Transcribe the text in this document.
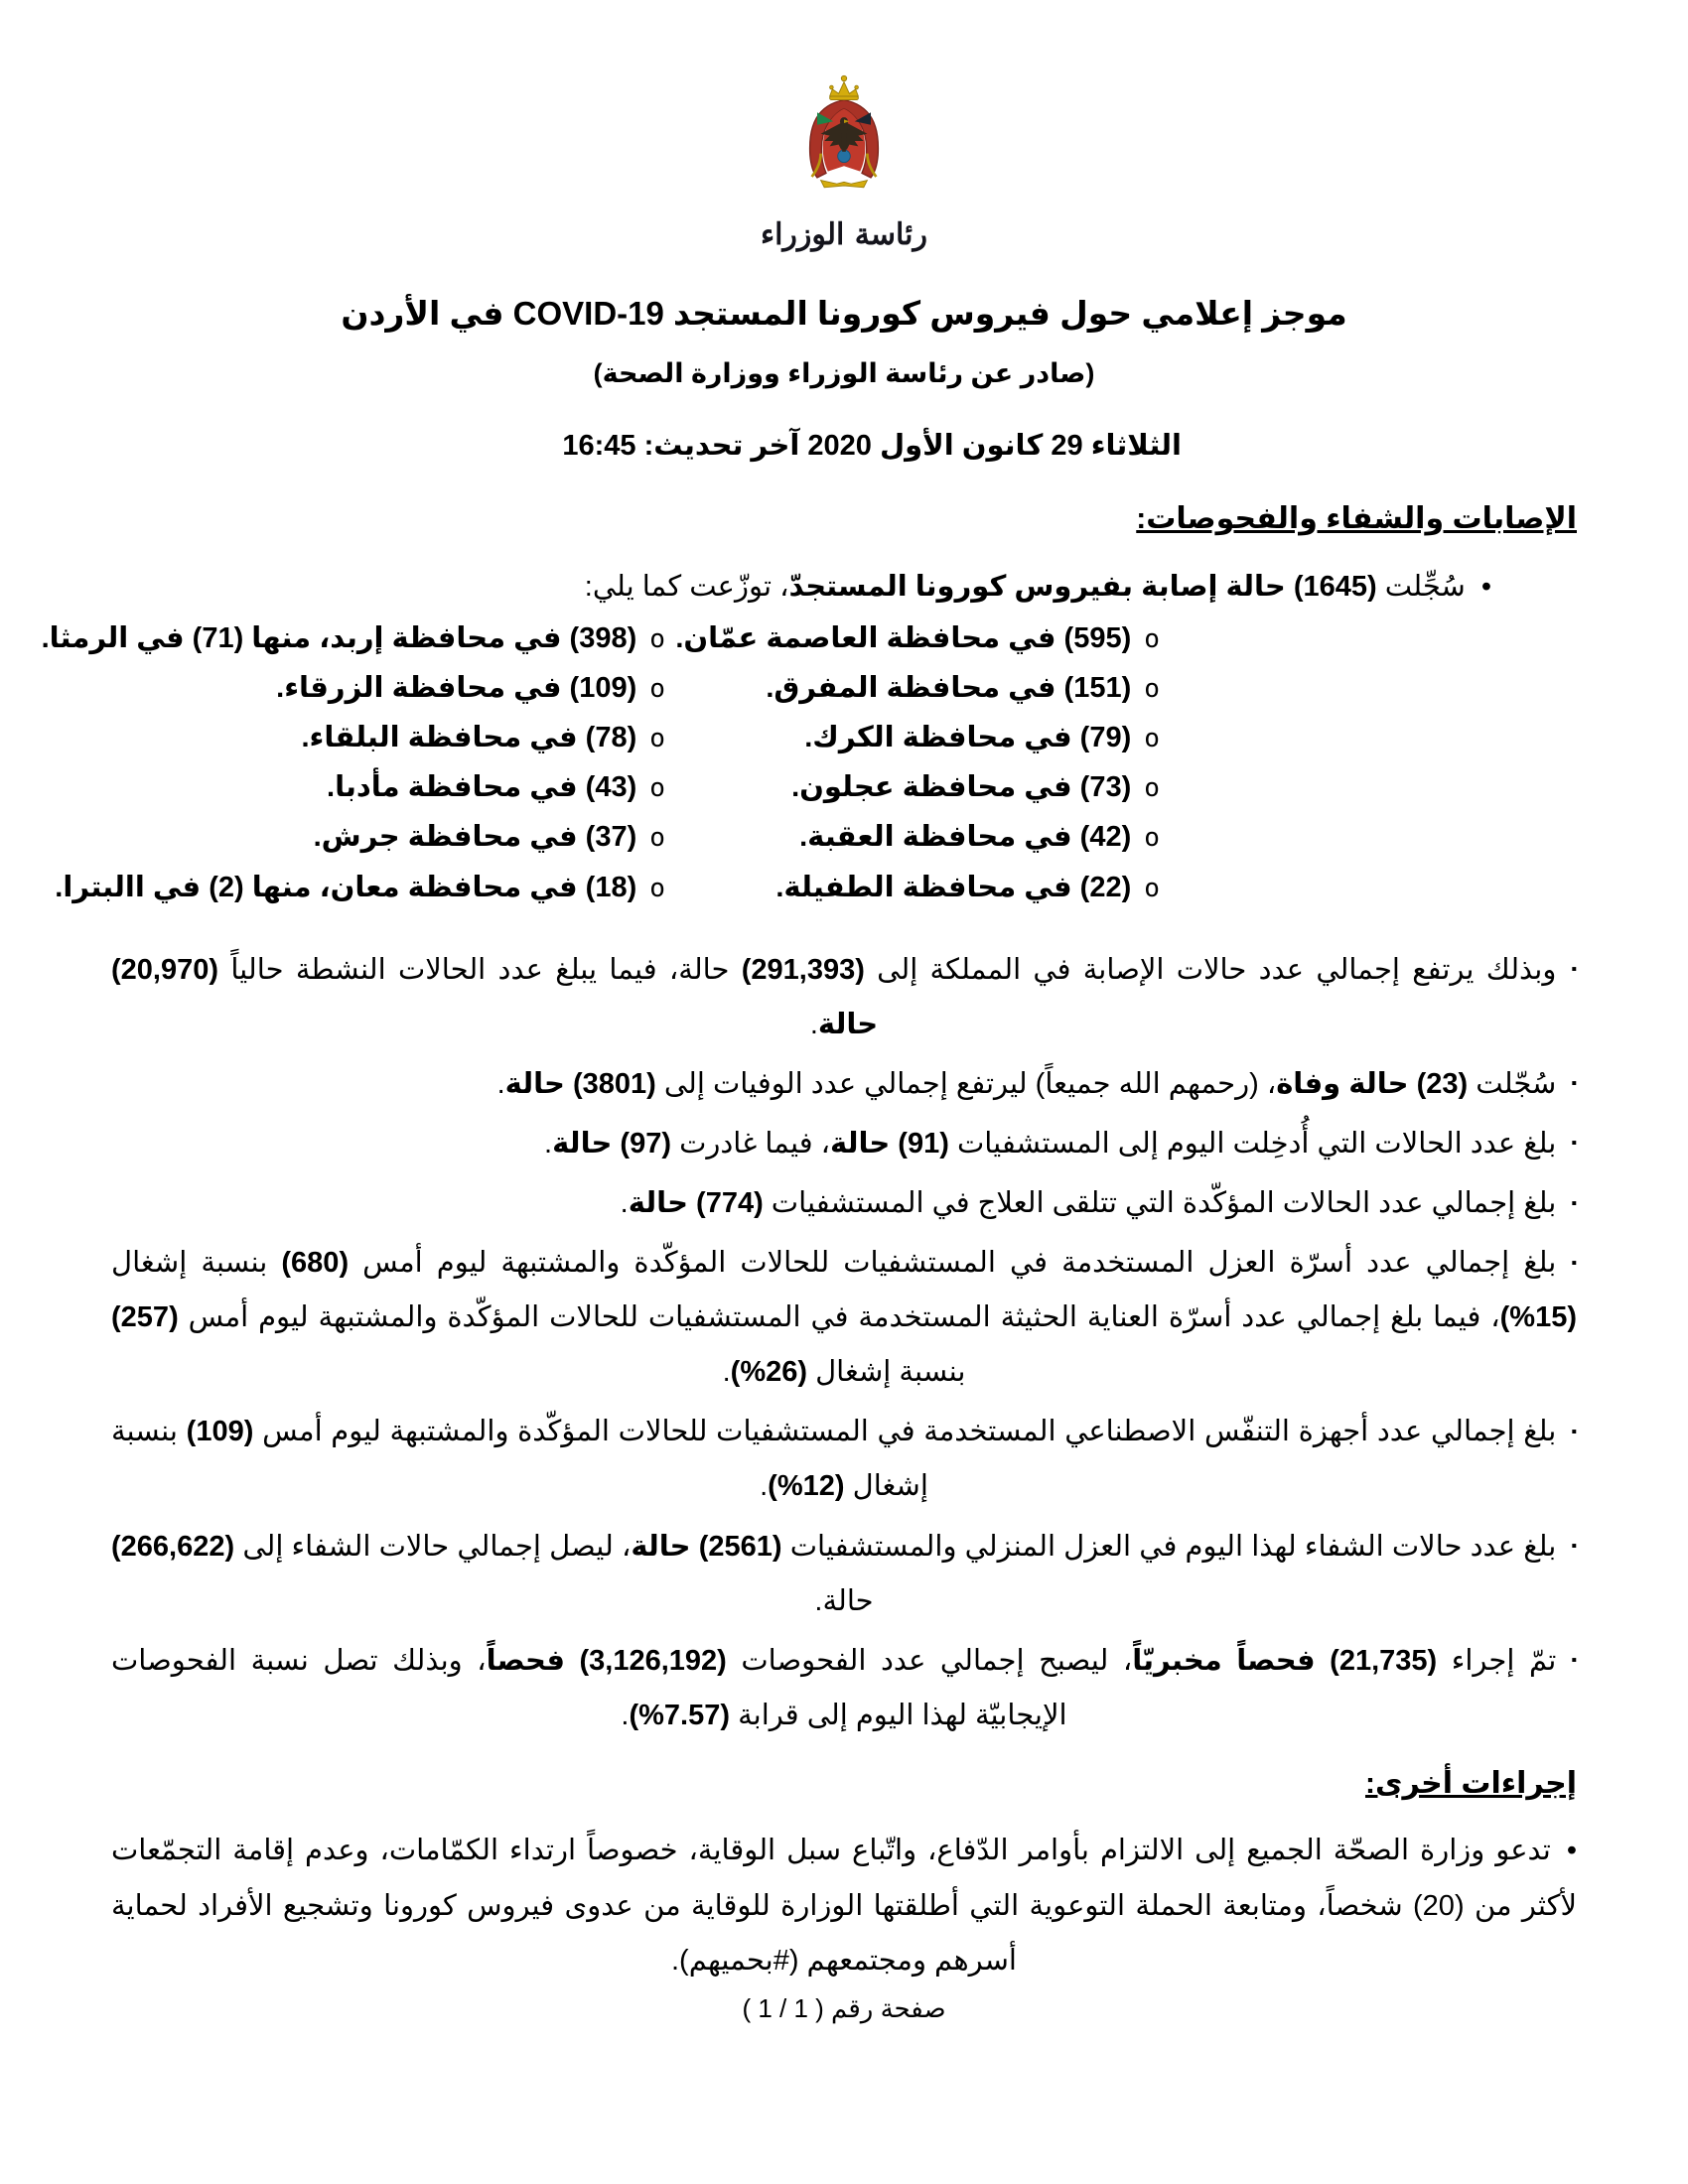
رئاسة الوزراء
موجز إعلامي حول فيروس كورونا المستجد COVID-19 في الأردن
(صادر عن رئاسة الوزراء ووزارة الصحة)
الثلاثاء 29 كانون الأول 2020 آخر تحديث: 16:45
الإصابات والشفاء والفحوصات:
•سُجِّلت (1645) حالة إصابة بفيروس كورونا المستجدّ، توزّعت كما يلي:
o(595) في محافظة العاصمة عمّان.
o(151) في محافظة المفرق.
o(79) في محافظة الكرك.
o(73) في محافظة عجلون.
o(42) في محافظة العقبة.
o(22) في محافظة الطفيلة.
o(398) في محافظة إربد، منها (71) في الرمثا.
o(109) في محافظة الزرقاء.
o(78) في محافظة البلقاء.
o(43) في محافظة مأدبا.
o(37) في محافظة جرش.
o(18) في محافظة معان، منها (2) في االبترا.
▪وبذلك يرتفع إجمالي عدد حالات الإصابة في المملكة إلى (291,393) حالة، فيما يبلغ عدد الحالات النشطة حالياً (20,970) حالة.
▪سُجّلت (23) حالة وفاة، (رحمهم الله جميعاً) ليرتفع إجمالي عدد الوفيات إلى (3801) حالة.
▪بلغ عدد الحالات التي أُدخِلت اليوم إلى المستشفيات (91) حالة، فيما غادرت (97) حالة.
▪بلغ إجمالي عدد الحالات المؤكّدة التي تتلقى العلاج في المستشفيات (774) حالة.
▪بلغ إجمالي عدد أسرّة العزل المستخدمة في المستشفيات للحالات المؤكّدة والمشتبهة ليوم أمس (680) بنسبة إشغال (15%)، فيما بلغ إجمالي عدد أسرّة العناية الحثيثة المستخدمة في المستشفيات للحالات المؤكّدة والمشتبهة ليوم أمس (257) بنسبة إشغال (26%).
▪بلغ إجمالي عدد أجهزة التنفّس الاصطناعي المستخدمة في المستشفيات للحالات المؤكّدة والمشتبهة ليوم أمس (109) بنسبة إشغال (12%).
▪بلغ عدد حالات الشفاء لهذا اليوم في العزل المنزلي والمستشفيات (2561) حالة، ليصل إجمالي حالات الشفاء إلى (266,622) حالة.
▪تمّ إجراء (21,735) فحصاً مخبريّاً، ليصبح إجمالي عدد الفحوصات (3,126,192) فحصاً، وبذلك تصل نسبة الفحوصات الإيجابيّة لهذا اليوم إلى قرابة (7.57%).
إجراءات أخرى:
•تدعو وزارة الصحّة الجميع إلى الالتزام بأوامر الدّفاع، واتّباع سبل الوقاية، خصوصاً ارتداء الكمّامات، وعدم إقامة التجمّعات لأكثر من (20) شخصاً، ومتابعة الحملة التوعوية التي أطلقتها الوزارة للوقاية من عدوى فيروس كورونا وتشجيع الأفراد لحماية أسرهم ومجتمعهم (#بحميهم).
صفحة رقم ( 1 / 1 )
